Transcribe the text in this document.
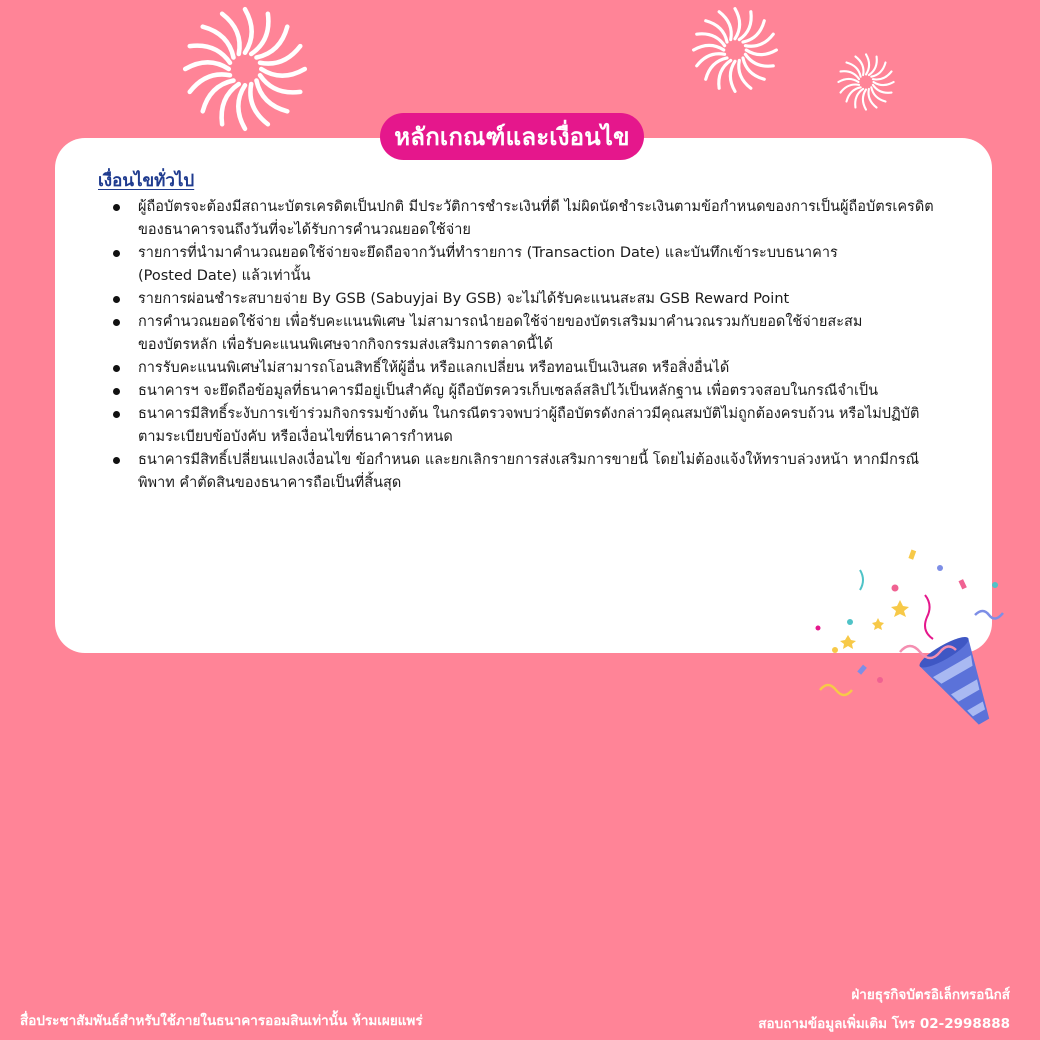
หลักเกณฑ์และเงื่อนไข
เงื่อนไขทั่วไป
ผู้ถือบัตรจะต้องมีสถานะบัตรเครดิตเป็นปกติ มีประวัติการชำระเงินที่ดี ไม่ผิดนัดชำระเงินตามข้อกำหนดของการเป็นผู้ถือบัตรเครดิต
ของธนาคารจนถึงวันที่จะได้รับการคำนวณยอดใช้จ่าย
รายการที่นำมาคำนวณยอดใช้จ่ายจะยึดถือจากวันที่ทำรายการ (Transaction Date) และบันทึกเข้าระบบธนาคาร
(Posted Date) แล้วเท่านั้น
รายการผ่อนชำระสบายจ่าย By GSB (Sabuyjai By GSB) จะไม่ได้รับคะแนนสะสม GSB Reward Point
การคำนวณยอดใช้จ่าย เพื่อรับคะแนนพิเศษ ไม่สามารถนำยอดใช้จ่ายของบัตรเสริมมาคำนวณรวมกับยอดใช้จ่ายสะสม
ของบัตรหลัก เพื่อรับคะแนนพิเศษจากกิจกรรมส่งเสริมการตลาดนี้ได้
การรับคะแนนพิเศษไม่สามารถโอนสิทธิ์ให้ผู้อื่น หรือแลกเปลี่ยน หรือทอนเป็นเงินสด หรือสิ่งอื่นได้
ธนาคารฯ จะยึดถือข้อมูลที่ธนาคารมีอยู่เป็นสำคัญ ผู้ถือบัตรควรเก็บเซลล์สลิปไว้เป็นหลักฐาน เพื่อตรวจสอบในกรณีจำเป็น
ธนาคารมีสิทธิ์ระงับการเข้าร่วมกิจกรรมข้างต้น ในกรณีตรวจพบว่าผู้ถือบัตรดังกล่าวมีคุณสมบัติไม่ถูกต้องครบถ้วน หรือไม่ปฏิบัติ
ตามระเบียบข้อบังคับ หรือเงื่อนไขที่ธนาคารกำหนด
ธนาคารมีสิทธิ์เปลี่ยนแปลงเงื่อนไข ข้อกำหนด และยกเลิกรายการส่งเสริมการขายนี้ โดยไม่ต้องแจ้งให้ทราบล่วงหน้า หากมีกรณี
พิพาท คำตัดสินของธนาคารถือเป็นที่สิ้นสุด
สื่อประชาสัมพันธ์สำหรับใช้ภายในธนาคารออมสินเท่านั้น ห้ามเผยแพร่
ฝ่ายธุรกิจบัตรอิเล็กทรอนิกส์
สอบถามข้อมูลเพิ่มเติม โทร 02-2998888
